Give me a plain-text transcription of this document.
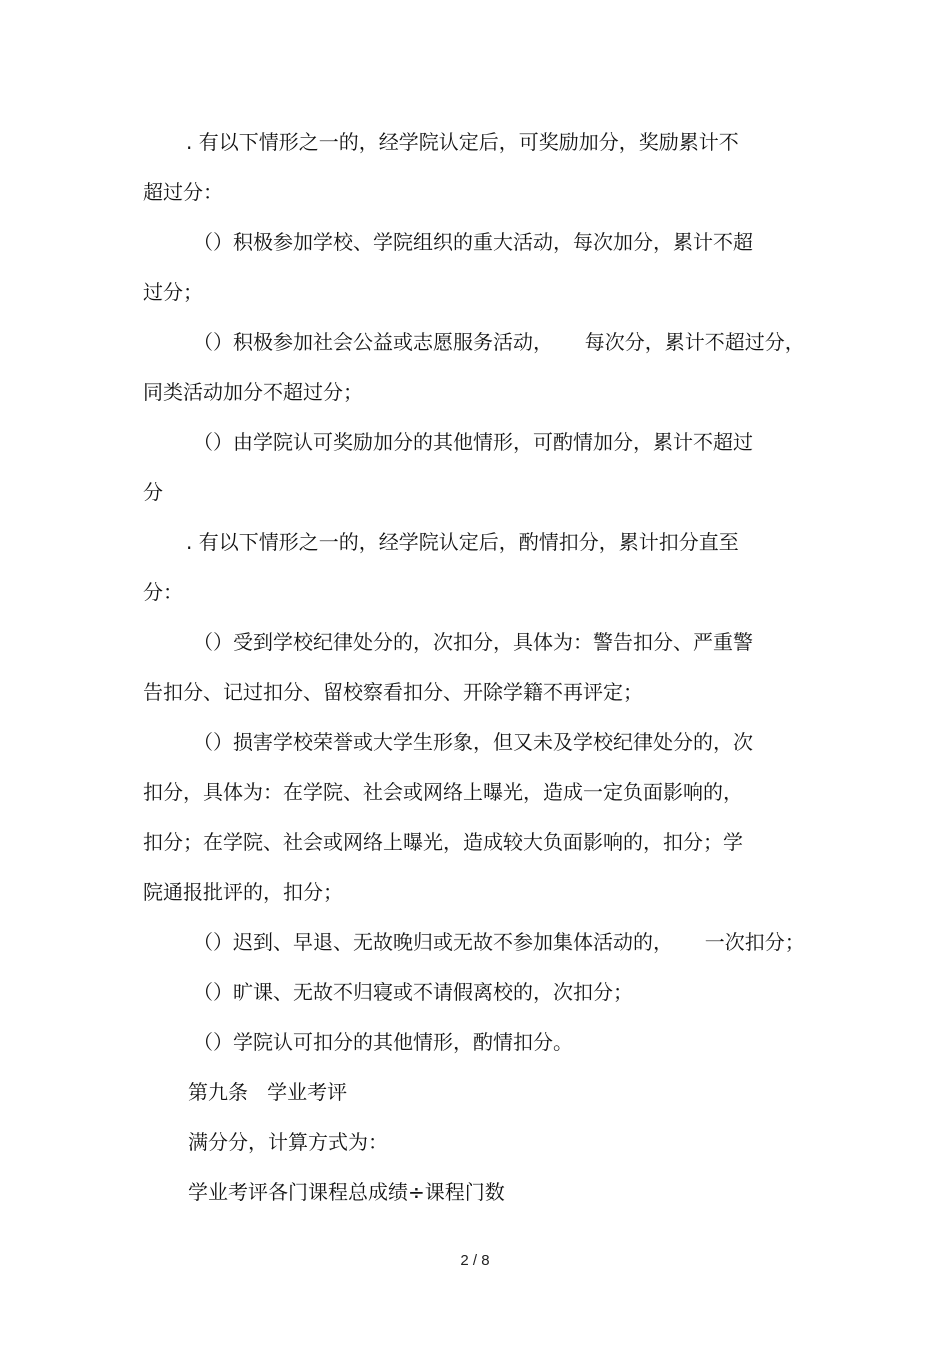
. 有以下情形之一的，经学院认定后，可奖励加分，奖励累计不
超过分：
（）积极参加学校、学院组织的重大活动，每次加分，累计不超
过分；
（）积极参加社会公益或志愿服务活动，     每次分，累计不超过分，
同类活动加分不超过分；
（）由学院认可奖励加分的其他情形，可酌情加分，累计不超过
分
. 有以下情形之一的，经学院认定后，酌情扣分，累计扣分直至
分：
（）受到学校纪律处分的，次扣分，具体为：警告扣分、严重警
告扣分、记过扣分、留校察看扣分、开除学籍不再评定；
（）损害学校荣誉或大学生形象，但又未及学校纪律处分的，次
扣分，具体为：在学院、社会或网络上曝光，造成一定负面影响的，
扣分；在学院、社会或网络上曝光，造成较大负面影响的，扣分；学
院通报批评的，扣分；
（）迟到、早退、无故晚归或无故不参加集体活动的，     一次扣分；
（）旷课、无故不归寝或不请假离校的，次扣分；
（）学院认可扣分的其他情形，酌情扣分。
第九条   学业考评
满分分，计算方式为：
学业考评各门课程总成绩÷课程门数
2 / 8
